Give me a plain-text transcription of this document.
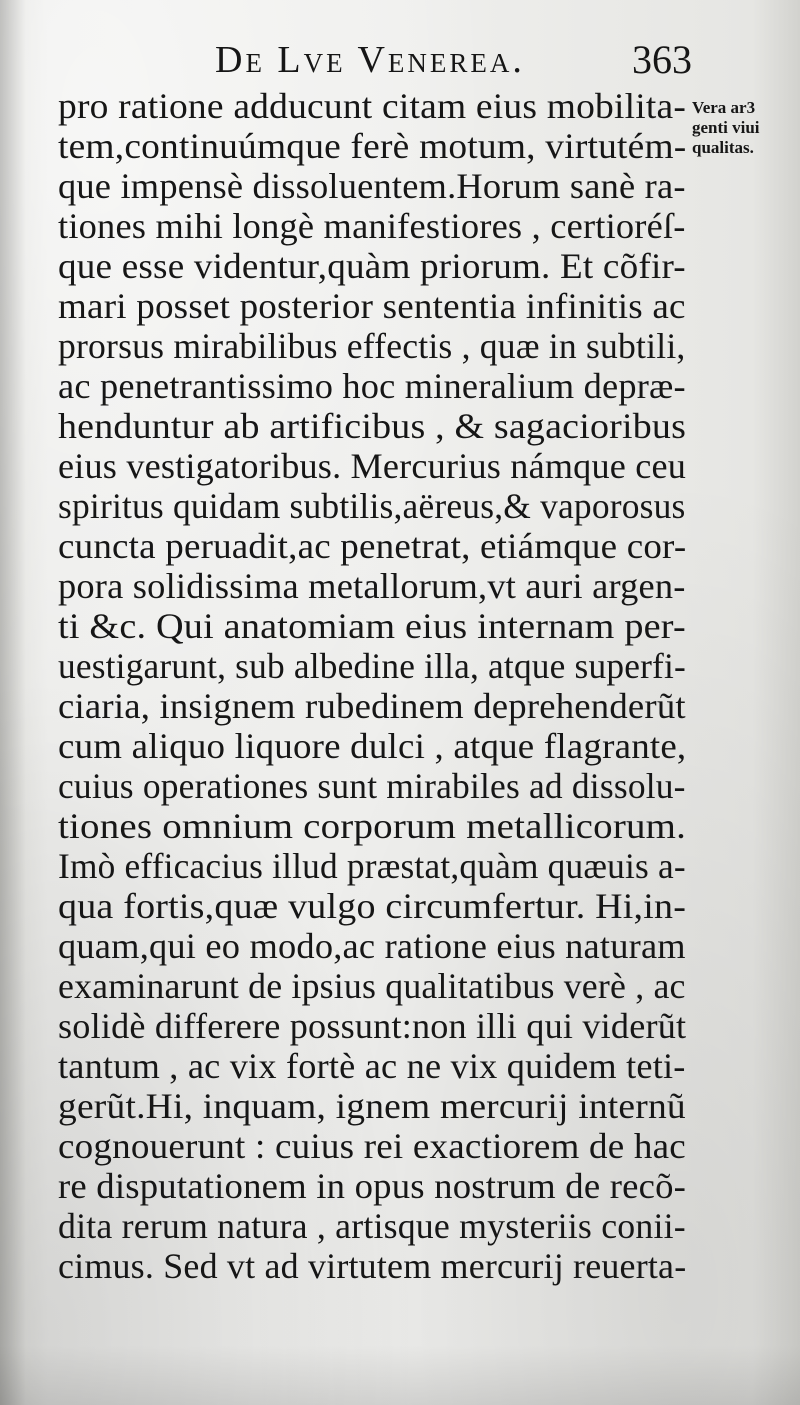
De Lve Venerea.	363
Vera ar3
genti viui
qualitas.
pro ratione adducunt citam eius mobilita-
tem,continuúmque ferè motum, virtutém-
que impensè dissoluentem.Horum sanè ra-
tiones mihi longè manifestiores , certioréſ-
que esse videntur,quàm priorum. Et cõfir-
mari posset posterior sententia infinitis ac
prorsus mirabilibus effectis , quæ in subtili,
ac penetrantissimo hoc mineralium depræ-
henduntur ab artificibus , & sagacioribus
eius vestigatoribus. Mercurius námque ceu
spiritus quidam subtilis,aëreus,& vaporosus
cuncta peruadit,ac penetrat, etiámque cor-
pora solidissima metallorum,vt auri argen-
ti &c. Qui anatomiam eius internam per-
uestigarunt, sub albedine illa, atque superfi-
ciaria, insignem rubedinem deprehenderũt
cum aliquo liquore dulci , atque flagrante,
cuius operationes sunt mirabiles ad dissolu-
tiones omnium corporum metallicorum.
Imò efficacius illud præstat,quàm quæuis a-
qua fortis,quæ vulgo circumfertur. Hi,in-
quam,qui eo modo,ac ratione eius naturam
examinarunt de ipsius qualitatibus verè , ac
solidè differere possunt:non illi qui viderũt
tantum , ac vix fortè ac ne vix quidem teti-
gerũt.Hi, inquam, ignem mercurij internũ
cognouerunt : cuius rei exactiorem de hac
re disputationem in opus nostrum de recõ-
dita rerum natura , artisque mysteriis conii-
cimus. Sed vt ad virtutem mercurij reuerta-
